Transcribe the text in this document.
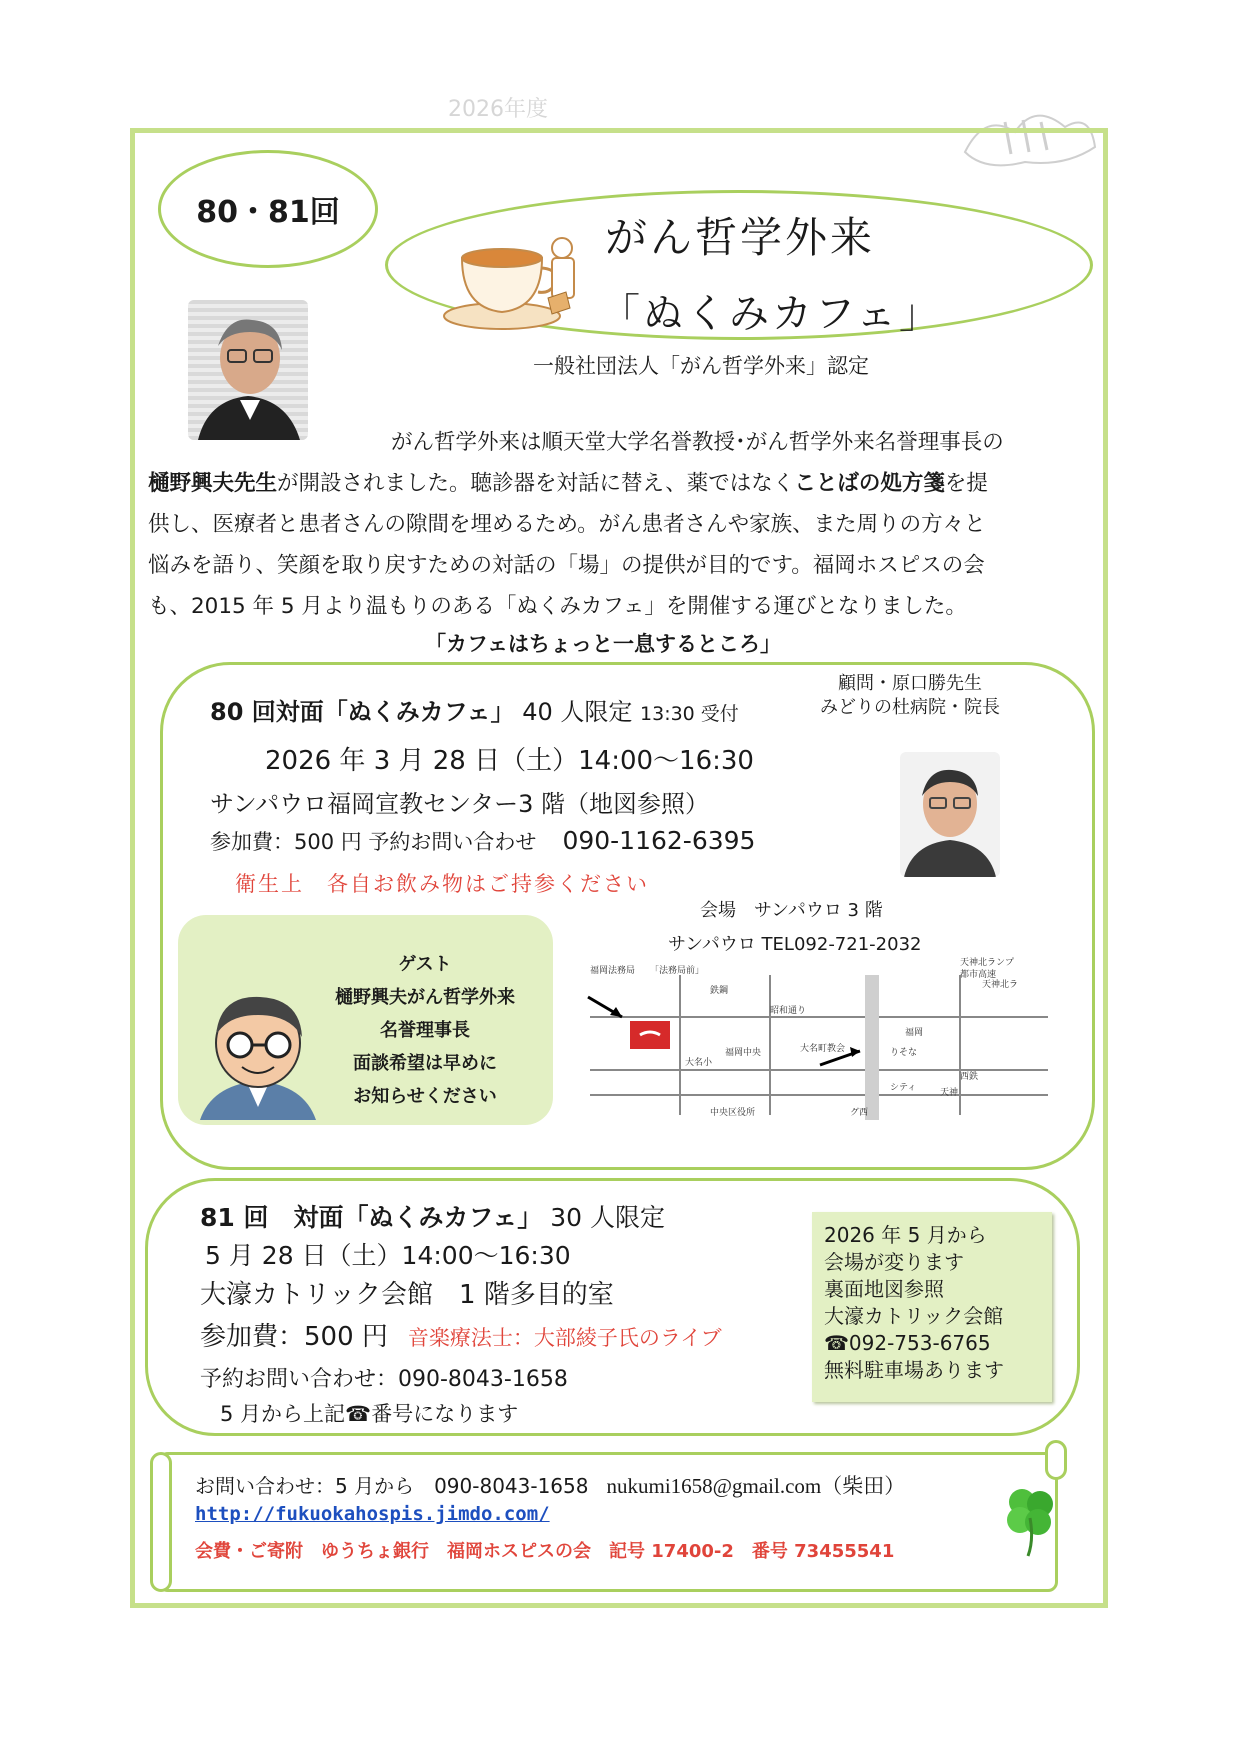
2026年度
80・81回
がん哲学外来
「ぬくみカフェ」
一般社団法人「がん哲学外来」認定
がん哲学外来は順天堂大学名誉教授･がん哲学外来名誉理事長の
樋野興夫先生が開設されました。聴診器を対話に替え、薬ではなくことばの処方箋を提
供し、医療者と患者さんの隙間を埋めるため。がん患者さんや家族、また周りの方々と
悩みを語り、笑顔を取り戻すための対話の「場」の提供が目的です。福岡ホスピスの会
も、2015 年 5 月より温もりのある「ぬくみカフェ」を開催する運びとなりました。
「カフェはちょっと一息するところ」
80 回対面「ぬくみカフェ」 40 人限定 13:30 受付
顧問・原口勝先生
みどりの杜病院・院長
2026 年 3 月 28 日（土）14:00～16:30
サンパウロ福岡宣教センター3 階（地図参照）
参加費：500 円 予約お問い合わせ 090-1162-6395
衛生上　各自お飲み物はご持参ください
会場　サンパウロ 3 階
サンパウロ TEL092-721-2032
ゲスト
樋野興夫がん哲学外来
名誉理事長
面談希望は早めに
お知らせください
福岡法務局 「法務局前」
鉄鋼
昭和通り
大名小
福岡中央	大名町教会
天神北ランプ
都市高速
天神北ラ
福岡
りそな
中央区役所
シティ	天神
西鉄
グ西
81 回　 対面「ぬくみカフェ」 30 人限定
5 月 28 日（土）14:00～16:30
大濠カトリック会館　1 階多目的室
参加費：500 円 音楽療法士：大部綾子氏のライブ
予約お問い合わせ：090-8043-1658
5 月から上記☎番号になります
2026 年 5 月から
会場が変ります
裏面地図参照
大濠カトリック会館
☎092-753-6765
無料駐車場あります
お問い合わせ：5 月から　090-8043-1658 nukumi1658@gmail.com（柴田）
http://fukuokahospis.jimdo.com/
会費・ご寄附　ゆうちょ銀行　福岡ホスピスの会　記号 17400-2　番号 73455541
